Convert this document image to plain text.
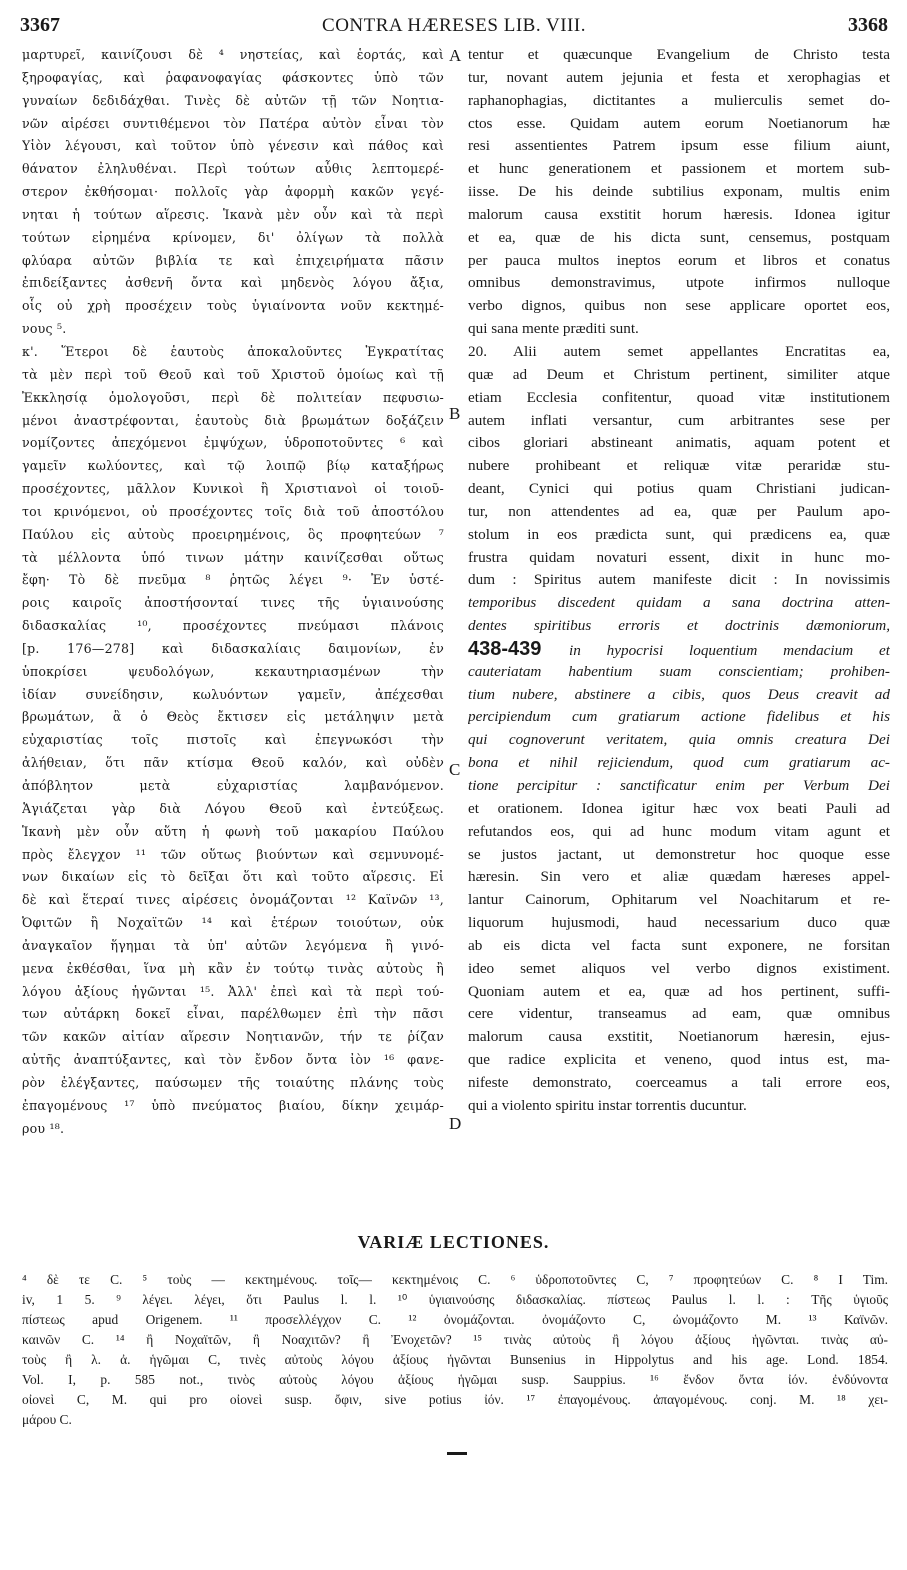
3367	CONTRA HÆRESES LIB. VIII.	3368
μαρτυρεῖ, καινίζουσι δὲ ⁴ νηστείας, καὶ ἑορτάς, καὶ
ξηροφαγίας, καὶ ῥαφανοφαγίας φάσκοντες ὑπὸ τῶν
γυναίων δεδιδάχθαι. Τινὲς δὲ αὐτῶν τῇ τῶν Νοητια-
νῶν αἱρέσει συντιθέμενοι τὸν Πατέρα αὐτὸν εἶναι τὸν
Υἱὸν λέγουσι, καὶ τοῦτον ὑπὸ γένεσιν καὶ πάθος καὶ
θάνατον ἐληλυθέναι. Περὶ τούτων αὖθις λεπτομερέ-
στερον ἐκθήσομαι· πολλοῖς γὰρ ἀφορμὴ κακῶν γεγέ-
νηται ἡ τούτων αἵρεσις. Ἱκανὰ μὲν οὖν καὶ τὰ περὶ
τούτων εἰρημένα κρίνομεν, δι' ὀλίγων τὰ πολλὰ
φλύαρα αὐτῶν βιβλία τε καὶ ἐπιχειρήματα πᾶσιν
ἐπιδείξαντες ἀσθενῆ ὄντα καὶ μηδενὸς λόγου ἄξια,
οἷς οὐ χρὴ προσέχειν τοὺς ὑγιαίνοντα νοῦν κεκτημέ-
νους ⁵.
κ'. Ἕτεροι δὲ ἑαυτοὺς ἀποκαλοῦντες Ἐγκρατίτας
τὰ μὲν περὶ τοῦ Θεοῦ καὶ τοῦ Χριστοῦ ὁμοίως καὶ τῇ
Ἐκκλησίᾳ ὁμολογοῦσι, περὶ δὲ πολιτείαν πεφυσιω-
μένοι ἀναστρέφονται, ἑαυτοὺς διὰ βρωμάτων δοξάζειν
νομίζοντες ἀπεχόμενοι ἐμψύχων, ὑδροποτοῦντες ⁶ καὶ
γαμεῖν κωλύοντες, καὶ τῷ λοιπῷ βίῳ καταξήρως
προσέχοντες, μᾶλλον Κυνικοὶ ἢ Χριστιανοὶ οἱ τοιοῦ-
τοι κρινόμενοι, οὐ προσέχοντες τοῖς διὰ τοῦ ἀποστόλου
Παύλου εἰς αὐτοὺς προειρημένοις, ὃς προφητεύων ⁷
τὰ μέλλοντα ὑπό τινων μάτην καινίζεσθαι οὕτως
ἔφη· Τὸ δὲ πνεῦμα ⁸ ῥητῶς λέγει ⁹· Ἐν ὑστέ-
ροις καιροῖς ἀποστήσονταί τινες τῆς ὑγιαινούσης
διδασκαλίας ¹⁰, προσέχοντες πνεύμασι πλάνοις
[p. 176—278] καὶ διδασκαλίαις δαιμονίων, ἐν
ὑποκρίσει ψευδολόγων, κεκαυτηριασμένων τὴν
ἰδίαν συνείδησιν, κωλυόντων γαμεῖν, ἀπέχεσθαι
βρωμάτων, ἃ ὁ Θεὸς ἔκτισεν εἰς μετάληψιν μετὰ
εὐχαριστίας τοῖς πιστοῖς καὶ ἐπεγνωκόσι τὴν
ἀλήθειαν, ὅτι πᾶν κτίσμα Θεοῦ καλόν, καὶ οὐδὲν
ἀπόβλητον μετὰ εὐχαριστίας λαμβανόμενον.
Ἁγιάζεται γὰρ διὰ Λόγου Θεοῦ καὶ ἐντεύξεως.
Ἱκανὴ μὲν οὖν αὕτη ἡ φωνὴ τοῦ μακαρίου Παύλου
πρὸς ἔλεγχον ¹¹ τῶν οὕτως βιούντων καὶ σεμνυνομέ-
νων δικαίων εἰς τὸ δεῖξαι ὅτι καὶ τοῦτο αἵρεσις. Εἰ
δὲ καὶ ἕτεραί τινες αἱρέσεις ὀνομάζονται ¹² Καϊνῶν ¹³,
Ὀφιτῶν ἢ Νοχαϊτῶν ¹⁴ καὶ ἑτέρων τοιούτων, οὐκ
ἀναγκαῖον ἥγημαι τὰ ὑπ' αὐτῶν λεγόμενα ἢ γινό-
μενα ἐκθέσθαι, ἵνα μὴ κἂν ἐν τούτῳ τινὰς αὐτοὺς ἢ
λόγου ἀξίους ἡγῶνται ¹⁵. Ἀλλ' ἐπεὶ καὶ τὰ περὶ τού-
των αὐτάρκη δοκεῖ εἶναι, παρέλθωμεν ἐπὶ τὴν πᾶσι
τῶν κακῶν αἰτίαν αἵρεσιν Νοητιανῶν, τήν τε ῥίζαν
αὐτῆς ἀναπτύξαντες, καὶ τὸν ἔνδον ὄντα ἰὸν ¹⁶ φανε-
ρὸν ἐλέγξαντες, παύσωμεν τῆς τοιαύτης πλάνης τοὺς
ἐπαγομένους ¹⁷ ὑπὸ πνεύματος βιαίου, δίκην χειμάρ-
ρου ¹⁸.
tentur et quæcunque Evangelium de Christo testa
tur, novant autem jejunia et festa et xerophagias et
raphanophagias, dictitantes a mulierculis semet do-
ctos esse. Quidam autem eorum Noetianorum hæ
resi assentientes Patrem ipsum esse filium aiunt,
et hunc generationem et passionem et mortem sub-
iisse. De his deinde subtilius exponam, multis enim
malorum causa exstitit horum hæresis. Idonea igitur
et ea, quæ de his dicta sunt, censemus, postquam
per pauca multos ineptos eorum et libros et conatus
omnibus demonstravimus, utpote infirmos nulloque
verbo dignos, quibus non sese applicare oportet eos,
qui sana mente præditi sunt.
20. Alii autem semet appellantes Encratitas ea,
quæ ad Deum et Christum pertinent, similiter atque
etiam Ecclesia confitentur, quoad vitæ institutionem
autem inflati versantur, cum arbitrantes sese per
cibos gloriari abstineant animatis, aquam potent et
nubere prohibeant et reliquæ vitæ peraridæ stu-
deant, Cynici qui potius quam Christiani judican-
tur, non attendentes ad ea, quæ per Paulum apo-
stolum in eos prædicta sunt, qui prædicens ea, quæ
frustra quidam novaturi essent, dixit in hunc mo-
dum : Spiritus autem manifeste dicit : In novissimis
temporibus discedent quidam a sana doctrina atten-
dentes spiritibus erroris et doctrinis dæmoniorum,
438-439 in hypocrisi loquentium mendacium et
cauteriatam habentium suam conscientiam; prohiben-
tium nubere, abstinere a cibis, quos Deus creavit ad
percipiendum cum gratiarum actione fidelibus et his
qui cognoverunt veritatem, quia omnis creatura Dei
bona et nihil rejiciendum, quod cum gratiarum ac-
tione percipitur : sanctificatur enim per Verbum Dei
et orationem. Idonea igitur hæc vox beati Pauli ad
refutandos eos, qui ad hunc modum vitam agunt et
se justos jactant, ut demonstretur hoc quoque esse
hæresin. Sin vero et aliæ quædam hæreses appel-
lantur Cainorum, Ophitarum vel Noachitarum et re-
liquorum hujusmodi, haud necessarium duco quæ
ab eis dicta vel facta sunt exponere, ne forsitan
ideo semet aliquos vel verbo dignos existiment.
Quoniam autem et ea, quæ ad hos pertinent, suffi-
cere videntur, transeamus ad eam, quæ omnibus
malorum causa exstitit, Noetianorum hæresin, ejus-
que radice explicita et veneno, quod intus est, ma-
nifeste demonstrato, coerceamus a tali errore eos,
qui a violento spiritu instar torrentis ducuntur.
A
B
C
D
VARIÆ LECTIONES.
⁴ δὲ τε C. ⁵ τοὺς — κεκτημένους. τοῖς— κεκτημένοις C. ⁶ ὑδροποτοῦντες C, ⁷ προφητεύων C. ⁸ I Tim.
iv, 1 5. ⁹ λέγει. λέγει, ὅτι Paulus l. l. ¹⁰ ὑγιαινούσης διδασκαλίας. πίστεως Paulus l. l. : Τῆς ὑγιοῦς
πίστεως apud Origenem. ¹¹ προσελλέγχον C. ¹² ὀνομάζονται. ὀνομάζοντο C, ὠνομάζοντο M. ¹³ Καϊνῶν.
καινῶν C. ¹⁴ ἢ Νοχαϊτῶν, ἢ Νοαχιτῶν? ἢ Ἐνοχετῶν? ¹⁵ τινὰς αὐτοὺς ἢ λόγου ἀξίους ἡγῶνται. τινὰς αὐ-
τοὺς ἢ λ. ἀ. ἡγῶμαι C, τινὲς αὐτοὺς λόγου ἀξίους ἡγῶνται Bunsenius in Hippolytus and his age. Lond. 1854.
Vol. I, p. 585 not., τινὸς αὐτοὺς λόγου ἀξίους ἡγῶμαι susp. Sauppius. ¹⁶ ἔνδον ὄντα ἰόν. ἐνδύνοντα
οἰονεὶ C, M. qui pro οἰονεὶ susp. ὄφιν, sive potius ἰόν. ¹⁷ ἐπαγομένους. ἀπαγομένους. conj. M. ¹⁸ χει-
μάρου C.
